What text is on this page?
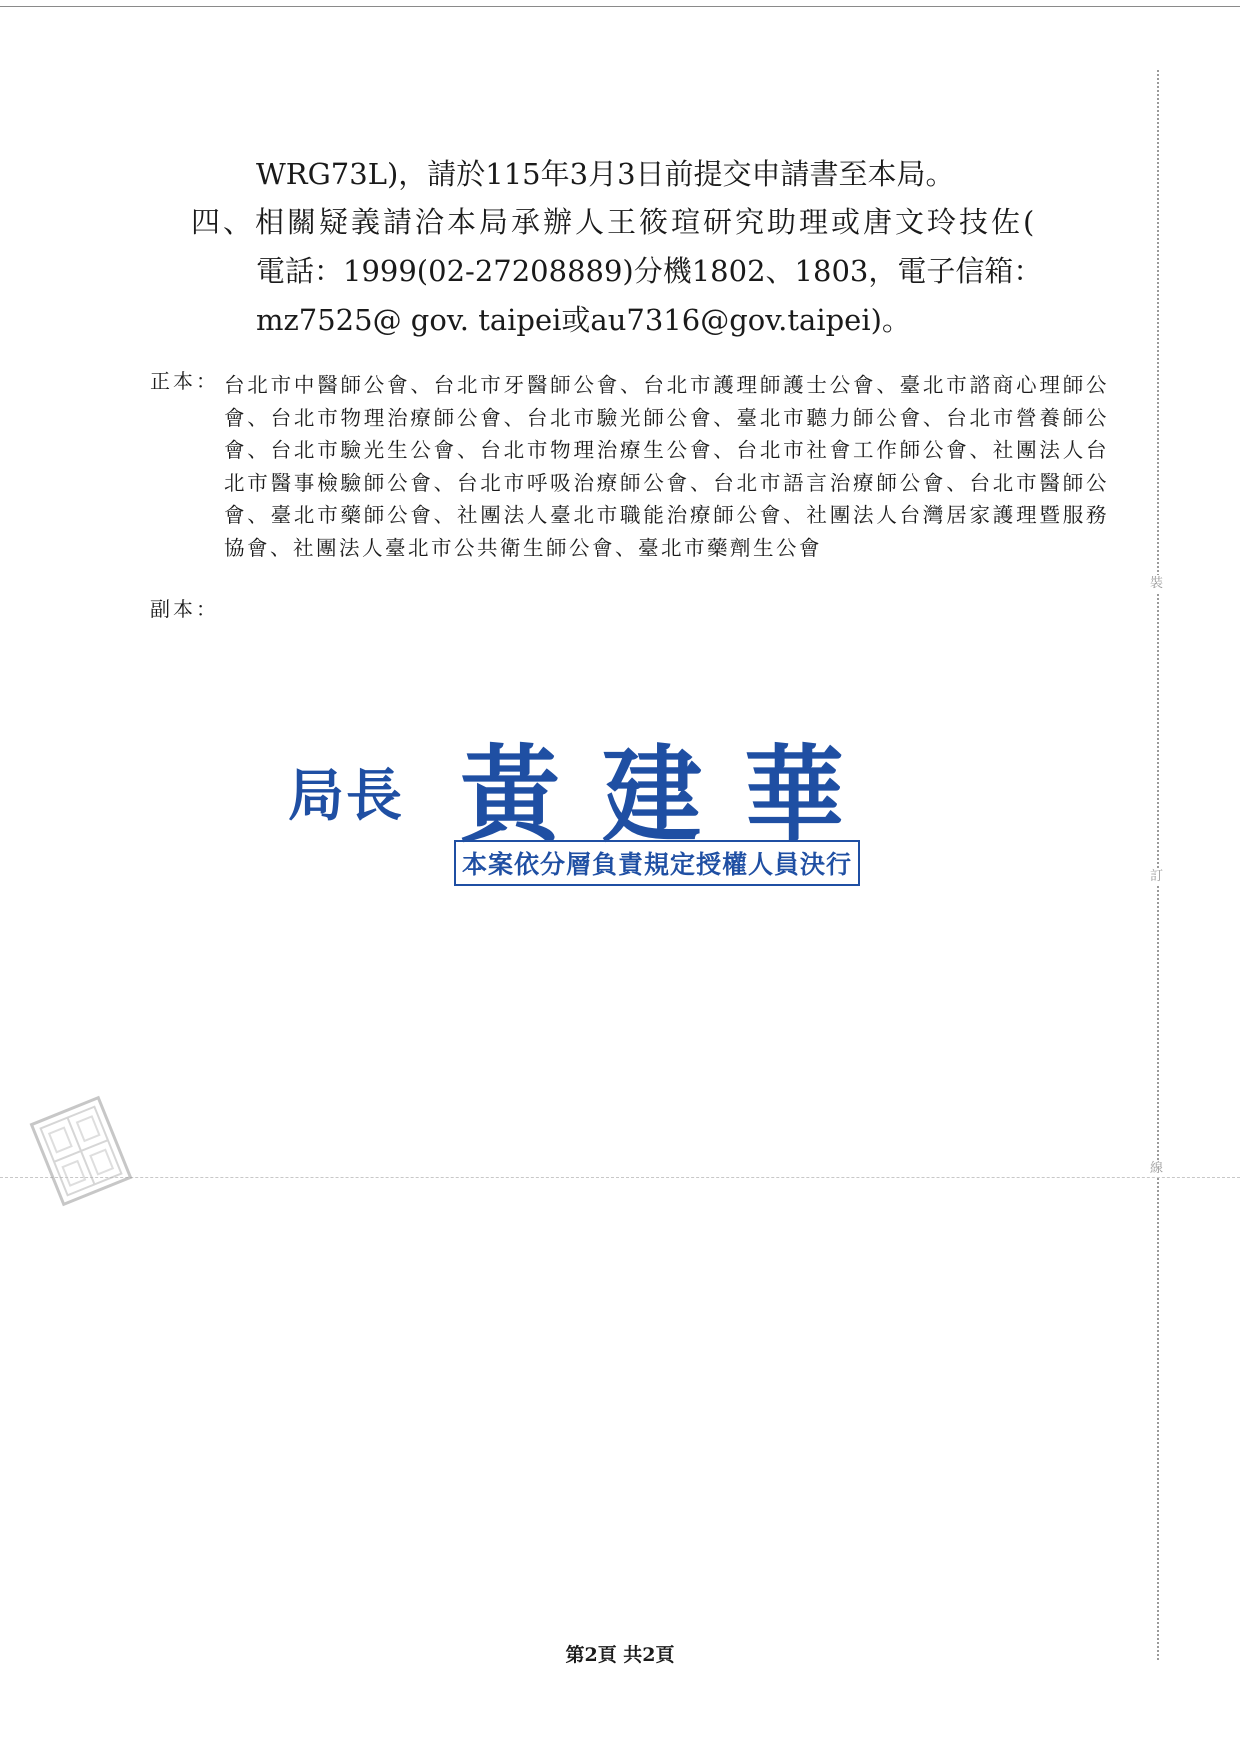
裝
訂
線
WRG73L)，請於115年3月3日前提交申請書至本局。
四、相關疑義請洽本局承辦人王筱瑄研究助理或唐文玲技佐(
電話：1999(02-27208889)分機1802、1803，電子信箱：
mz7525@ gov. taipei或au7316@gov.taipei)。
正本： 台北市中醫師公會、台北市牙醫師公會、台北市護理師護士公會、臺北市諮商心理師公會、台北市物理治療師公會、台北市驗光師公會、臺北市聽力師公會、台北市營養師公會、台北市驗光生公會、台北市物理治療生公會、台北市社會工作師公會、社團法人台北市醫事檢驗師公會、台北市呼吸治療師公會、台北市語言治療師公會、台北市醫師公會、臺北市藥師公會、社團法人臺北市職能治療師公會、社團法人台灣居家護理暨服務協會、社團法人臺北市公共衛生師公會、臺北市藥劑生公會
副本：
局長 黃建華
本案依分層負責規定授權人員決行
第2頁 共2頁
